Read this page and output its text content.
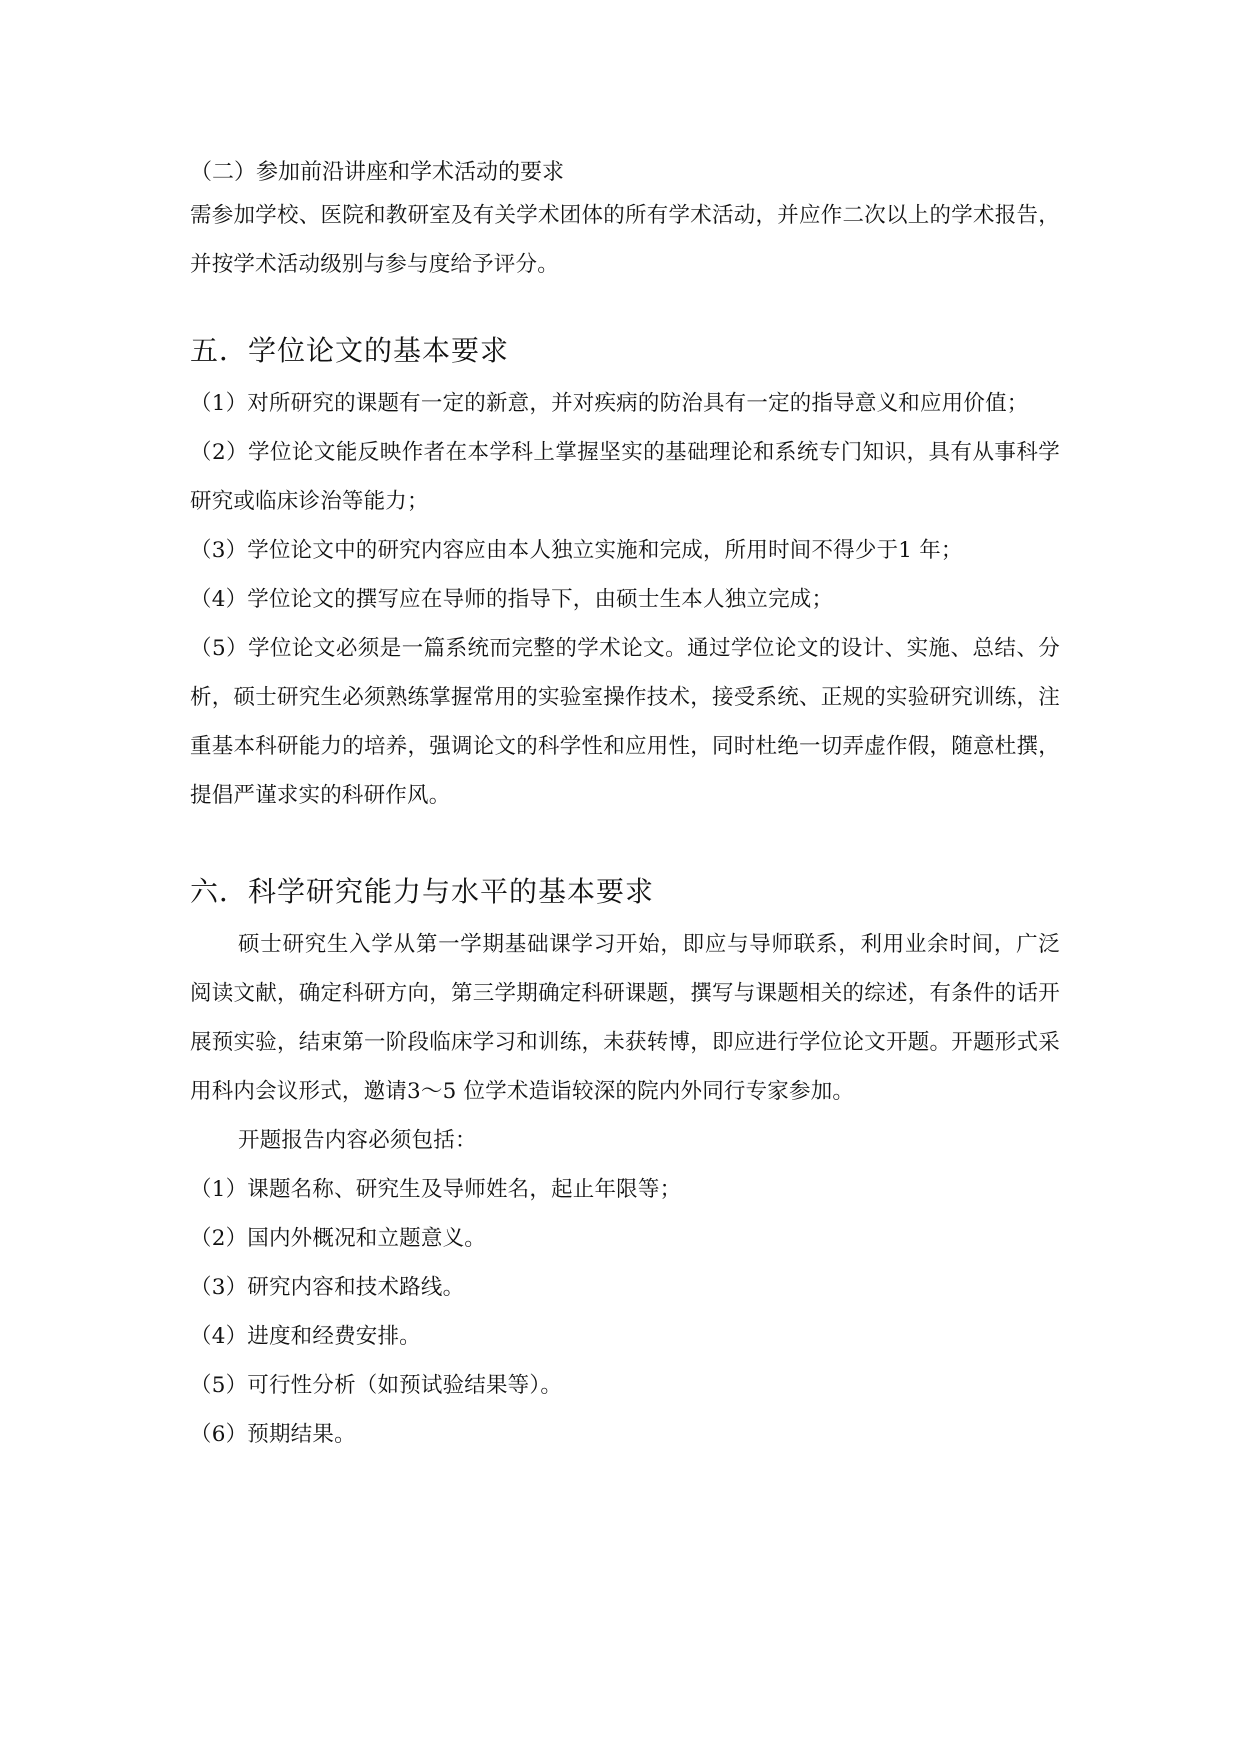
（二）参加前沿讲座和学术活动的要求

需参加学校、医院和教研室及有关学术团体的所有学术活动，并应作二次以上的学术报告，并按学术活动级别与参与度给予评分。

五．学位论文的基本要求

（1）对所研究的课题有一定的新意，并对疾病的防治具有一定的指导意义和应用价值；

（2）学位论文能反映作者在本学科上掌握坚实的基础理论和系统专门知识，具有从事科学研究或临床诊治等能力；

（3）学位论文中的研究内容应由本人独立实施和完成，所用时间不得少于1 年；

（4）学位论文的撰写应在导师的指导下，由硕士生本人独立完成；

（5）学位论文必须是一篇系统而完整的学术论文。通过学位论文的设计、实施、总结、分析，硕士研究生必须熟练掌握常用的实验室操作技术，接受系统、正规的实验研究训练，注重基本科研能力的培养，强调论文的科学性和应用性，同时杜绝一切弄虚作假，随意杜撰，提倡严谨求实的科研作风。

六．科学研究能力与水平的基本要求

硕士研究生入学从第一学期基础课学习开始，即应与导师联系，利用业余时间，广泛阅读文献，确定科研方向，第三学期确定科研课题，撰写与课题相关的综述，有条件的话开展预实验，结束第一阶段临床学习和训练，未获转博，即应进行学位论文开题。开题形式采用科内会议形式，邀请3～5 位学术造诣较深的院内外同行专家参加。

开题报告内容必须包括：

（1）课题名称、研究生及导师姓名，起止年限等；

（2）国内外概况和立题意义。

（3）研究内容和技术路线。

（4）进度和经费安排。

（5）可行性分析（如预试验结果等）。

（6）预期结果。
